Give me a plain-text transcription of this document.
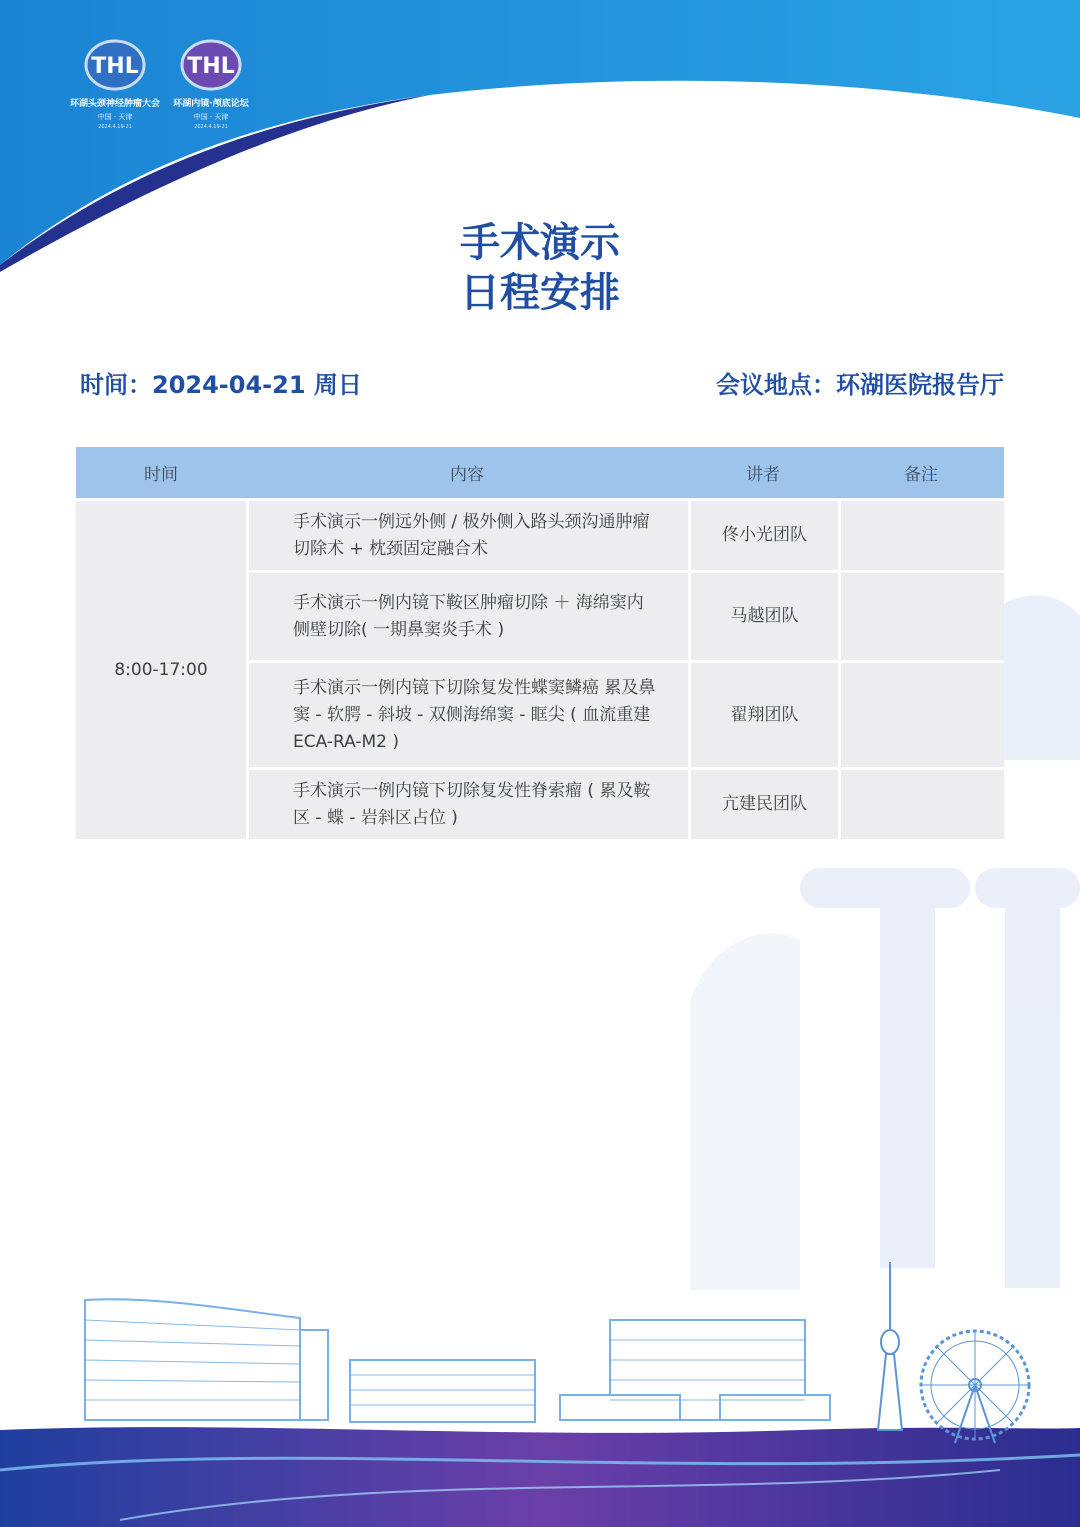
THL
环湖头颈神经肿瘤大会
中国 · 天津
2024.4.19-21
THL
环湖内镜·颅底论坛
中国 · 天津
2024.4.19-21
手术演示
日程安排
时间：2024-04-21 周日	会议地点：环湖医院报告厅
时间	内容	讲者	备注
8:00-17:00	手术演示一例远外侧 / 极外侧入路头颈沟通肿瘤切除术 + 枕颈固定融合术	佟小光团队	
	手术演示一例内镜下鞍区肿瘤切除 ＋ 海绵窦内侧壁切除( 一期鼻窦炎手术 )	马越团队	
	手术演示一例内镜下切除复发性蝶窦鳞癌 累及鼻窦 - 软腭 - 斜坡 - 双侧海绵窦 - 眶尖 ( 血流重建 ECA-RA-M2 )	翟翔团队	
	手术演示一例内镜下切除复发性脊索瘤 ( 累及鞍区 - 蝶 - 岩斜区占位 )	亢建民团队	
